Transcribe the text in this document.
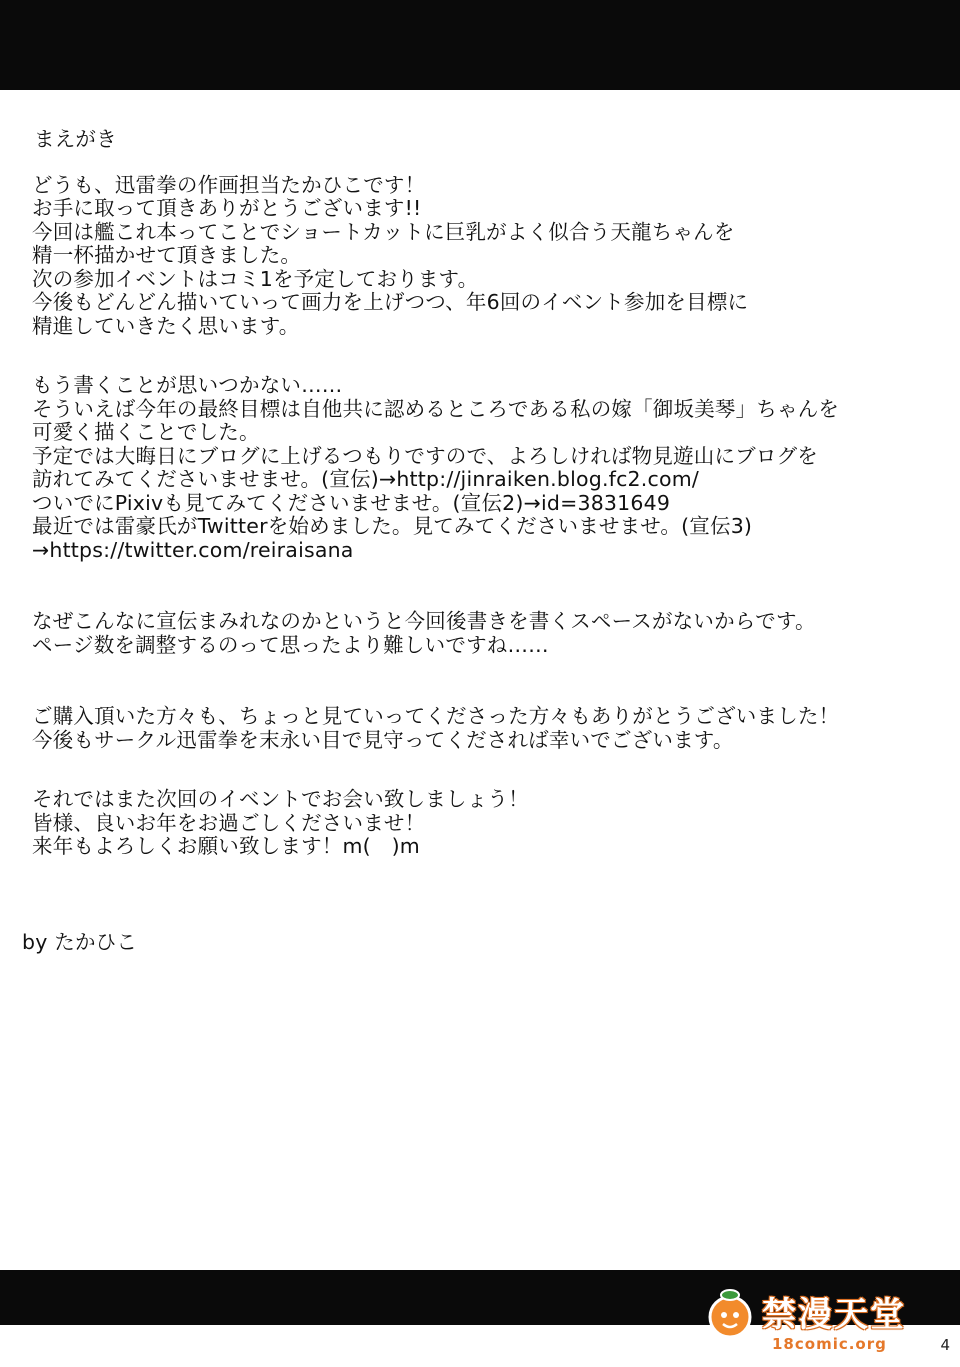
まえがき
どうも、迅雷拳の作画担当たかひこです！
お手に取って頂きありがとうございます!!
今回は艦これ本ってことでショートカットに巨乳がよく似合う天龍ちゃんを
精一杯描かせて頂きました。
次の参加イベントはコミ1を予定しております。
今後もどんどん描いていって画力を上げつつ、年6回のイベント参加を目標に
精進していきたく思います。
もう書くことが思いつかない……
そういえば今年の最終目標は自他共に認めるところである私の嫁「御坂美琴」ちゃんを
可愛く描くことでした。
予定では大晦日にブログに上げるつもりですので、よろしければ物見遊山にブログを
訪れてみてくださいませませ。(宣伝)→http://jinraiken.blog.fc2.com/
ついでにPixivも見てみてくださいませませ。(宣伝2)→id=3831649
最近では雷豪氏がTwitterを始めました。見てみてくださいませませ。(宣伝3)
→https://twitter.com/reiraisana
なぜこんなに宣伝まみれなのかというと今回後書きを書くスペースがないからです。
ページ数を調整するのって思ったより難しいですね……
ご購入頂いた方々も、ちょっと見ていってくださった方々もありがとうございました！
今後もサークル迅雷拳を末永い目で見守ってくだされば幸いでございます。
それではまた次回のイベントでお会い致しましょう！
皆様、良いお年をお過ごしくださいませ！
来年もよろしくお願い致します！m(　)m
by たかひこ
禁漫天堂
18comic.org	4
